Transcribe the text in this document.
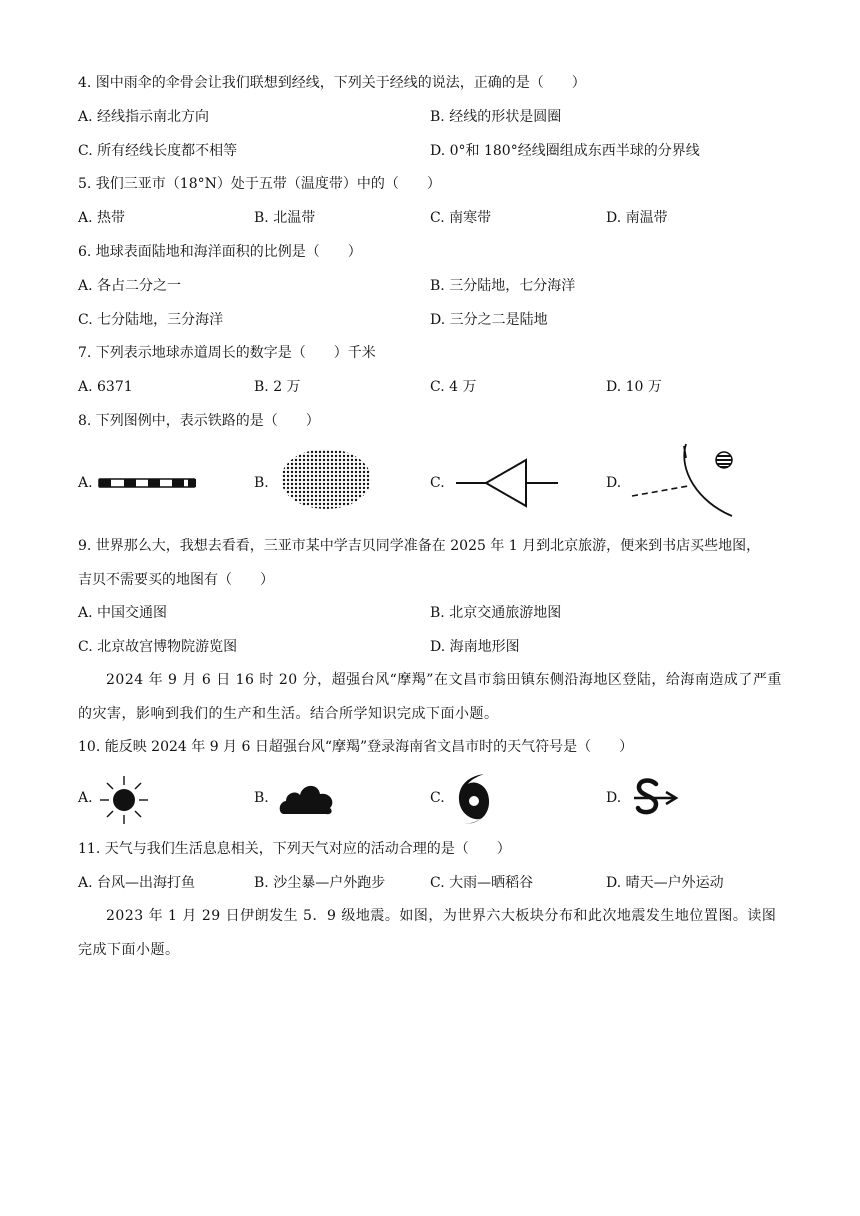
4. 图中雨伞的伞骨会让我们联想到经线，下列关于经线的说法，正确的是（　　）
A. 经线指示南北方向	B. 经线的形状是圆圈
C. 所有经线长度都不相等	D. 0°和 180°经线圈组成东西半球的分界线
5. 我们三亚市（18°N）处于五带（温度带）中的（　　）
A. 热带	B. 北温带	C. 南寒带	D. 南温带
6. 地球表面陆地和海洋面积的比例是（　　）
A. 各占二分之一	B. 三分陆地，七分海洋
C. 七分陆地，三分海洋	D. 三分之二是陆地
7. 下列表示地球赤道周长的数字是（　　）千米
A. 6371	B. 2 万	C. 4 万	D. 10 万
8. 下列图例中，表示铁路的是（　　）
A.	B.	C.	D.
9. 世界那么大，我想去看看，三亚市某中学吉贝同学准备在 2025 年 1 月到北京旅游，便来到书店买些地图，
吉贝不需要买的地图有（　　）
A. 中国交通图	B. 北京交通旅游地图
C. 北京故宫博物院游览图	D. 海南地形图
2024 年 9 月 6 日 16 时 20 分，超强台风“摩羯”在文昌市翁田镇东侧沿海地区登陆，给海南造成了严重
的灾害，影响到我们的生产和生活。结合所学知识完成下面小题。
10. 能反映 2024 年 9 月 6 日超强台风“摩羯”登录海南省文昌市时的天气符号是（　　）
A.	B.	C.	D.
11. 天气与我们生活息息相关，下列天气对应的活动合理的是（　　）
A. 台风—出海打鱼	B. 沙尘暴—户外跑步	C. 大雨—晒稻谷	D. 晴天—户外运动
2023 年 1 月 29 日伊朗发生 5．9 级地震。如图，为世界六大板块分布和此次地震发生地位置图。读图
完成下面小题。
